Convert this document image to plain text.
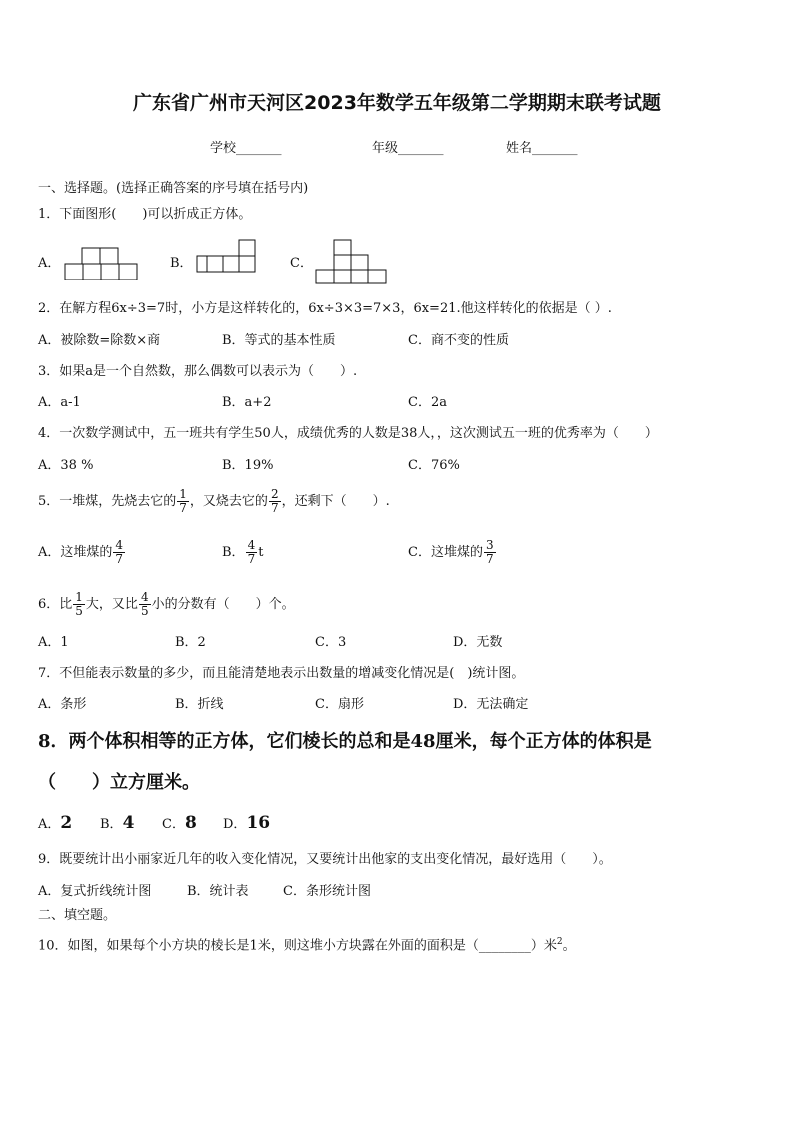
广东省广州市天河区2023年数学五年级第二学期期末联考试题
学校_______	年级_______	姓名_______
一、选择题。(选择正确答案的序号填在括号内)
1．下面图形(　　)可以折成正方体。
A．	B．	C．
2．在解方程6x÷3=7时，小方是这样转化的，6x÷3×3=7×3，6x=21.他这样转化的依据是（ ）.
A．被除数=除数×商	B．等式的基本性质	C．商不变的性质
3．如果a是一个自然数，那么偶数可以表示为（　　）.
A．a-1	B．a+2	C．2a
4．一次数学测试中，五一班共有学生50人，成绩优秀的人数是38人，，这次测试五一班的优秀率为（　　）
A．38 %	B．19%	C．76%
5．一堆煤，先烧去它的 $\frac{1}{7}$ ，又烧去它的 $\frac{2}{7}$ ，还剩下（　　）.
A．这堆煤的 $\frac{4}{7}$	B． $\frac{4}{7}$ t	C．这堆煤的 $\frac{3}{7}$
6．比 $\frac{1}{5}$ 大，又比 $\frac{4}{5}$ 小的分数有（　　）个。
A．1	B．2	C．3	D．无数
7．不但能表示数量的多少，而且能清楚地表示出数量的增减变化情况是(　)统计图。
A．条形	B．折线	C．扇形	D．无法确定
8．两个体积相等的正方体，它们棱长的总和是48厘米，每个正方体的体积是
（　　）立方厘米。
A．2 B．4 C．8 D．16
9．既要统计出小丽家近几年的收入变化情况，又要统计出他家的支出变化情况，最好选用（　　）。
A．复式折线统计图	B．统计表	C．条形统计图
二、填空题。
10．如图，如果每个小方块的棱长是1米，则这堆小方块露在外面的面积是（________）米$^2$。
